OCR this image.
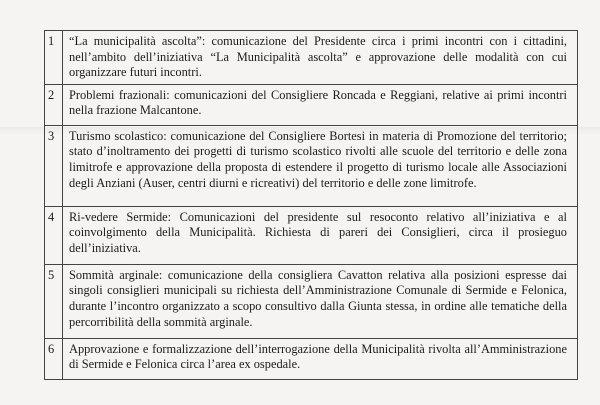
1	“La municipalità ascolta”: comunicazione del Presidente circa i primi incontri con i cittadini, nell’ambito dell’iniziativa “La Municipalità ascolta” e approvazione delle modalità con cui organizzare futuri incontri.
2	Problemi frazionali: comunicazioni del Consigliere Roncada e Reggiani, relative ai primi incontri nella frazione Malcantone.
3	Turismo scolastico: comunicazione del Consigliere Bortesi in materia di Promozione del territorio; stato d’inoltramento dei progetti di turismo scolastico rivolti alle scuole del territorio e delle zona limitrofe e approvazione della proposta di estendere il progetto di turismo locale alle Associazioni degli Anziani (Auser, centri diurni e ricreativi) del territorio e delle zone limitrofe.
4	Ri-vedere Sermide: Comunicazioni del presidente sul resoconto relativo all’iniziativa e al coinvolgimento della Municipalità. Richiesta di pareri dei Consiglieri, circa il prosieguo dell’iniziativa.
5	Sommità arginale: comunicazione della consigliera Cavatton relativa alla posizioni espresse dai singoli consiglieri municipali su richiesta dell’Amministrazione Comunale di Sermide e Felonica, durante l’incontro organizzato a scopo consultivo dalla Giunta stessa, in ordine alle tematiche della percorribilità della sommità arginale.
6	Approvazione e formalizzazione dell’interrogazione della Municipalità rivolta all’Amministrazione di Sermide e Felonica circa l’area ex ospedale.
